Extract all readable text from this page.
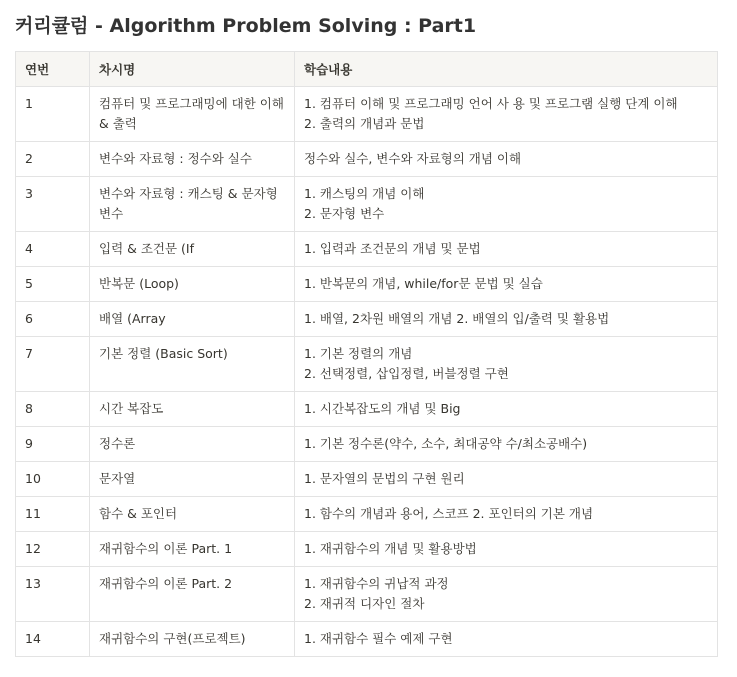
커리큘럼 - Algorithm Problem Solving : Part1
연번	차시명	학습내용
1	컴퓨터 및 프로그래밍에 대한 이해 & 출력	1. 컴퓨터 이해 및 프로그래밍 언어 사 용 및 프로그램 실행 단계 이해
2. 출력의 개념과 문법

2	변수와 자료형 : 정수와 실수	정수와 실수, 변수와 자료형의 개념 이해

3	변수와 자료형 : 캐스팅 & 문자형 변수	1. 캐스팅의 개념 이해
2. 문자형 변수

4	입력 & 조건문 (If	1. 입력과 조건문의 개념 및 문법

5	반복문 (Loop)	1. 반복문의 개념, while/for문 문법 및 실습

6	배열 (Array	1. 배열, 2차원 배열의 개념 2. 배열의 입/출력 및 활용법

7	기본 정렬 (Basic Sort)	1. 기본 정렬의 개념
2. 선택정렬, 삽입정렬, 버블정렬 구현

8	시간 복잡도	1. 시간복잡도의 개념 및 Big

9	정수론	1. 기본 정수론(약수, 소수, 최대공약 수/최소공배수)

10	문자열	1. 문자열의 문법의 구현 원리

11	함수 & 포인터	1. 함수의 개념과 용어, 스코프 2. 포인터의 기본 개념

12	재귀함수의 이론 Part. 1	1. 재귀함수의 개념 및 활용방법

13	재귀함수의 이론 Part. 2	1. 재귀함수의 귀납적 과정
2. 재귀적 디자인 절차

14	재귀함수의 구현(프로젝트)	1. 재귀함수 필수 예제 구현
